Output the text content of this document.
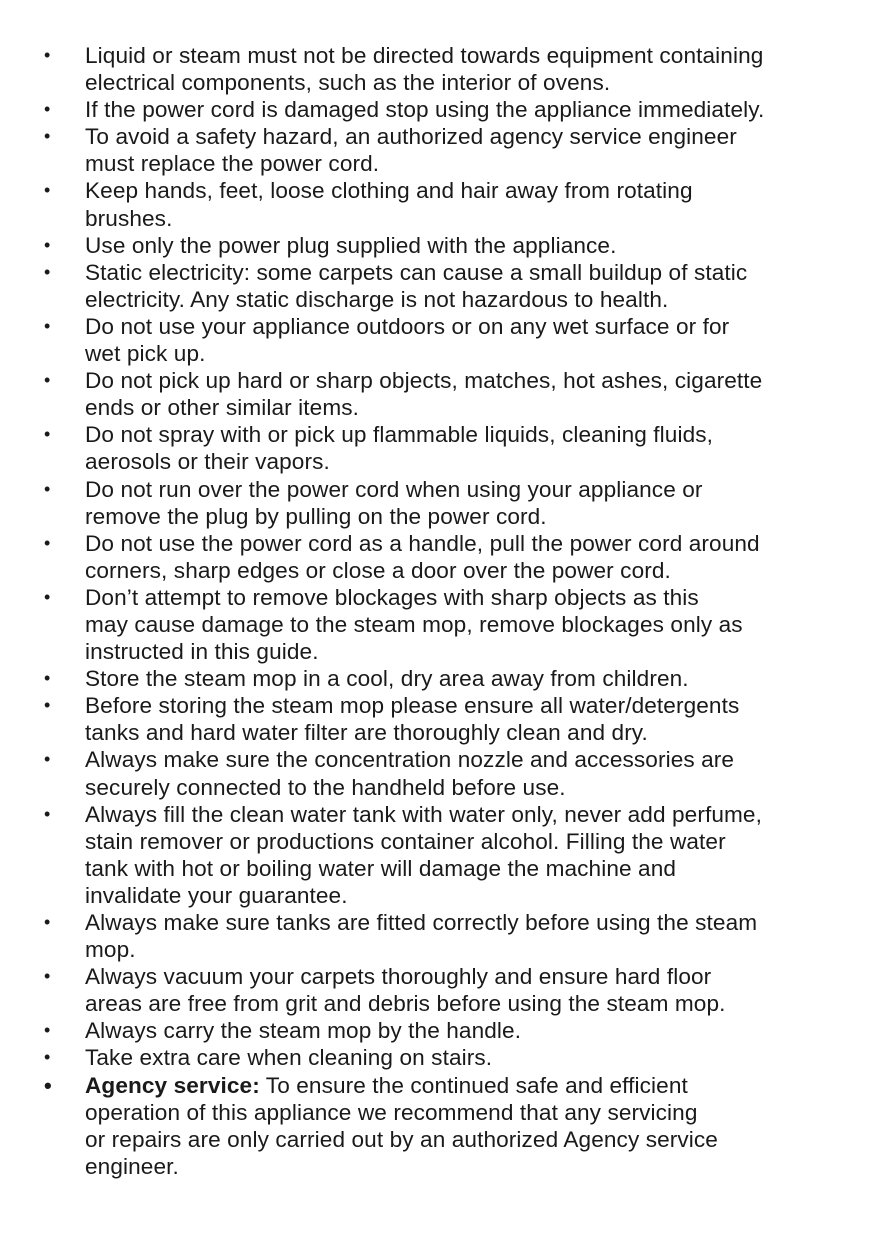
•	Liquid or steam must not be directed towards equipment containing
electrical components, such as the interior of ovens.
•	If the power cord is damaged stop using the appliance immediately.
•	To avoid a safety hazard, an authorized agency service engineer
must replace the power cord.
•	Keep hands, feet, loose clothing and hair away from rotating
brushes.
•	Use only the power plug supplied with the appliance.
•	Static electricity: some carpets can cause a small buildup of static
electricity. Any static discharge is not hazardous to health.
•	Do not use your appliance outdoors or on any wet surface or for
wet pick up.
•	Do not pick up hard or sharp objects, matches, hot ashes, cigarette
ends or other similar items.
•	Do not spray with or pick up flammable liquids, cleaning fluids,
aerosols or their vapors.
•	Do not run over the power cord when using your appliance or
remove the plug by pulling on the power cord.
•	Do not use the power cord as a handle, pull the power cord around
corners, sharp edges or close a door over the power cord.
•	Don’t attempt to remove blockages with sharp objects as this
may cause damage to the steam mop, remove blockages only as
instructed in this guide.
•	Store the steam mop in a cool, dry area away from children.
•	Before storing the steam mop please ensure all water/detergents
tanks and hard water filter are thoroughly clean and dry.
•	Always make sure the concentration nozzle and accessories are
securely connected to the handheld before use.
•	Always fill the clean water tank with water only, never add perfume,
stain remover or productions container alcohol. Filling the water
tank with hot or boiling water will damage the machine and
invalidate your guarantee.
•	Always make sure tanks are fitted correctly before using the steam
mop.
•	Always vacuum your carpets thoroughly and ensure hard floor
areas are free from grit and debris before using the steam mop.
•	Always carry the steam mop by the handle.
•	Take extra care when cleaning on stairs.
•	Agency service: To ensure the continued safe and efficient
operation of this appliance we recommend that any servicing
or repairs are only carried out by an authorized Agency service
engineer.
